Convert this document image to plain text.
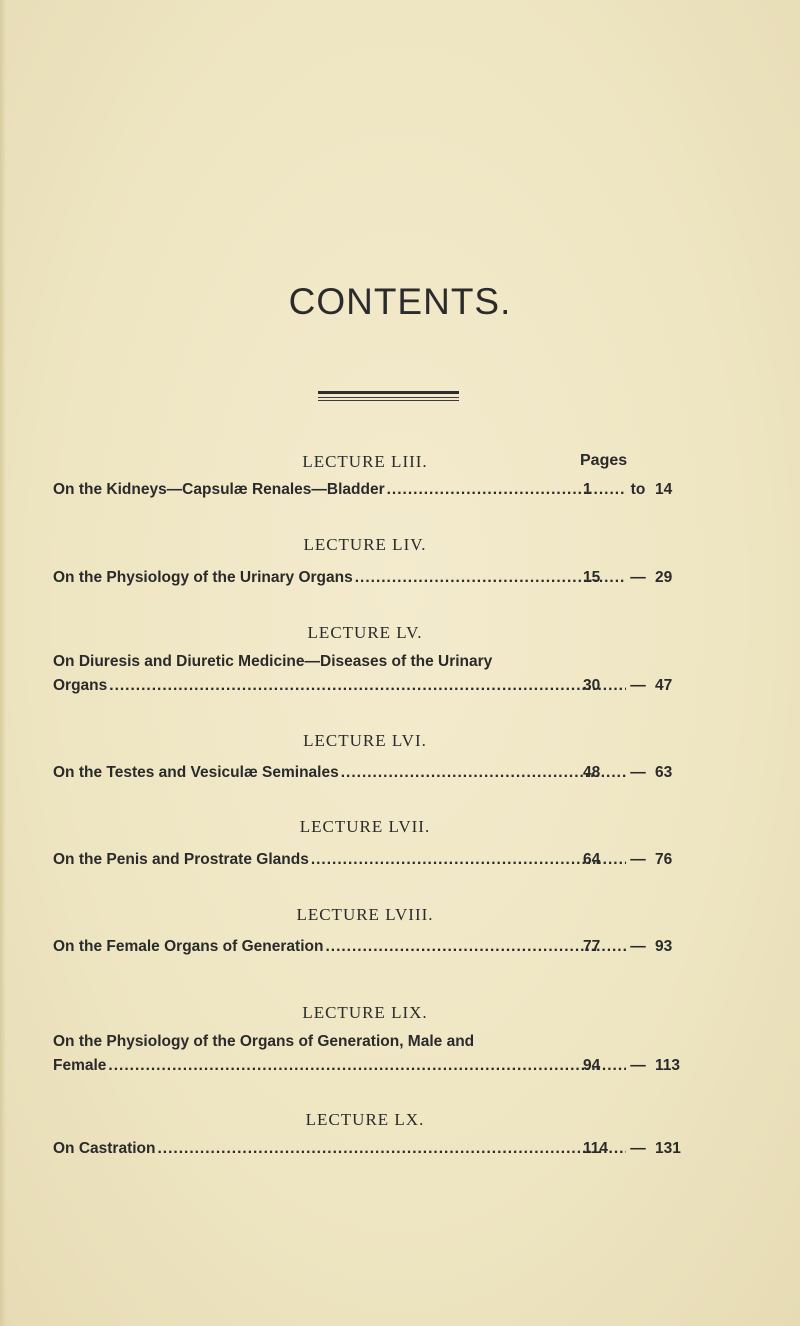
CONTENTS.
Pages
LECTURE LIII.
On the Kidneys—Capsulæ Renales—Bladder .....	1	to 14
LECTURE LIV.
On the Physiology of the Urinary Organs .....	15 — 29
LECTURE LV.
On Diuresis and Diuretic Medicine—Diseases of the Urinary
Organs .....	30 — 47
LECTURE LVI.
On the Testes and Vesiculæ Seminales .....	48 — 63
LECTURE LVII.
On the Penis and Prostrate Glands .....	64 — 76
LECTURE LVIII.
On the Female Organs of Generation .....	77 — 93
LECTURE LIX.
On the Physiology of the Organs of Generation, Male and
Female .....	94 — 113
LECTURE LX.
On Castration .....	114 — 131
